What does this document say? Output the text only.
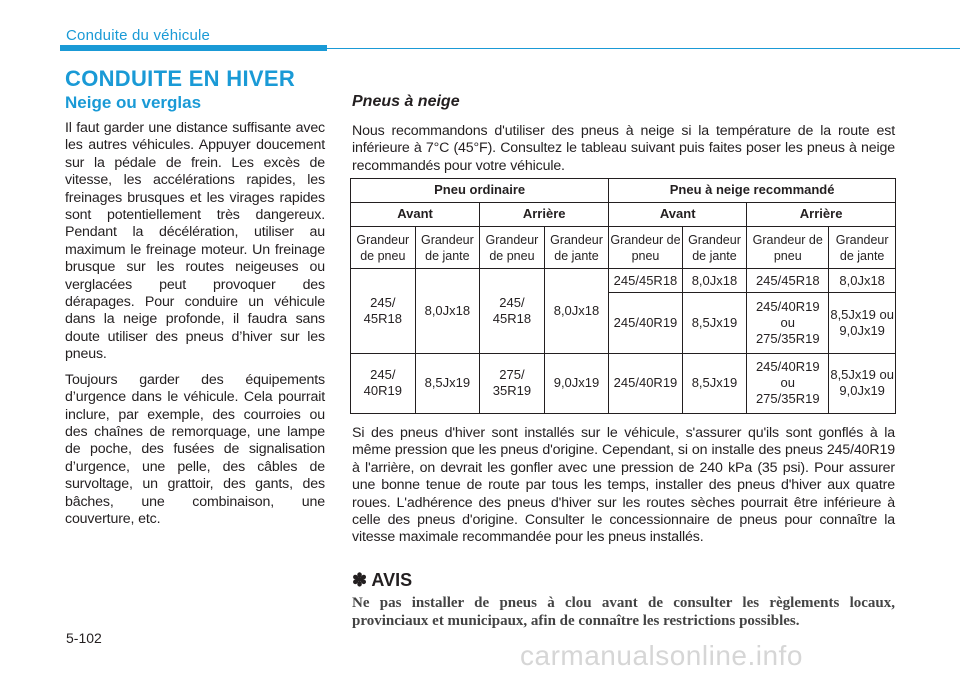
Conduite du véhicule
CONDUITE EN HIVER
Neige ou verglas

Il faut garder une distance suffisante avec les autres véhicules. Appuyer doucement sur la pédale de frein. Les excès de vitesse, les accélérations rapides, les freinages brusques et les virages rapides sont potentiellement très dangereux. Pendant la décélération, utiliser au maximum le freinage moteur. Un freinage brusque sur les routes neigeuses ou verglacées peut provoquer des dérapages. Pour conduire un véhicule dans la neige profonde, il faudra sans doute utiliser des pneus d’hiver sur les pneus.

Toujours garder des équipements d’urgence dans le véhicule. Cela pourrait inclure, par exemple, des courroies ou des chaînes de remorquage, une lampe de poche, des fusées de signalisation d’urgence, une pelle, des câbles de survoltage, un grattoir, des gants, des bâches, une combinaison, une couverture, etc.

Pneus à neige
Nous recommandons d'utiliser des pneus à neige si la température de la route est inférieure à 7°C (45°F). Consultez le tableau suivant puis faites poser les pneus à neige recommandés pour votre véhicule.
Pneu ordinaire				Pneu à neige recommandé			
Avant		Arrière		Avant		Arrière	
Grandeur de pneu	Grandeur de jante	Grandeur de pneu	Grandeur de jante	Grandeur de pneu	Grandeur de jante	Grandeur de pneu	Grandeur de jante
245/ 45R18	8,0Jx18	245/ 45R18	8,0Jx18	245/45R18	8,0Jx18	245/45R18	8,0Jx18
				245/40R19	8,5Jx19	245/40R19 ou 275/35R19	8,5Jx19 ou 9,0Jx19
245/ 40R19	8,5Jx19	275/ 35R19	9,0Jx19	245/40R19	8,5Jx19	245/40R19 ou 275/35R19	8,5Jx19 ou 9,0Jx19
Si des pneus d'hiver sont installés sur le véhicule, s'assurer qu'ils sont gonflés à la même pression que les pneus d'origine. Cependant, si on installe des pneus 245/40R19 à l'arrière, on devrait les gonfler avec une pression de 240 kPa (35 psi). Pour assurer une bonne tenue de route par tous les temps, installer des pneus d'hiver aux quatre roues. L'adhérence des pneus d'hiver sur les routes sèches pourrait être inférieure à celle des pneus d'origine. Consulter le concessionnaire de pneus pour connaître la vitesse maximale recommandée pour les pneus installés.
✽ AVIS
Ne pas installer de pneus à clou avant de consulter les règlements locaux, provinciaux et municipaux, afin de connaître les restrictions possibles.
5-102
carmanualsonline.info
